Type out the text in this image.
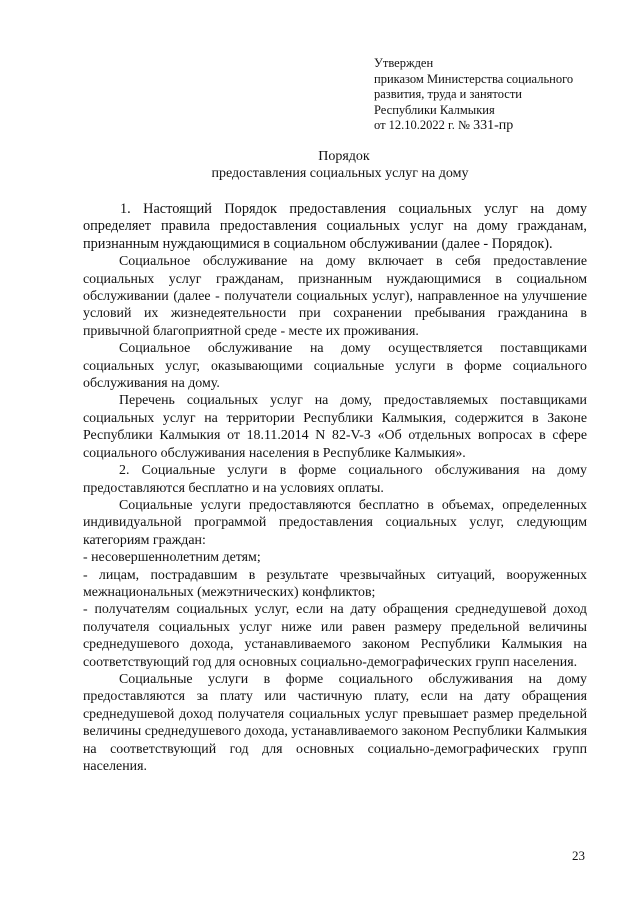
Утвержден
приказом Министерства социального
развития, труда и занятости
Республики Калмыкия
от 12.10.2022 г. № 331-пр
Порядок
предоставления социальных услуг на дому

1. Настоящий Порядок предоставления социальных услуг на дому определяет правила предоставления социальных услуг на дому гражданам, признанным нуждающимися в социальном обслуживании (далее - Порядок).

Социальное обслуживание на дому включает в себя предоставление социальных услуг гражданам, признанным нуждающимися в социальном обслуживании (далее - получатели социальных услуг), направленное на улучшение условий их жизнедеятельности при сохранении пребывания гражданина в привычной благоприятной среде - месте их проживания.

Социальное обслуживание на дому осуществляется поставщиками социальных услуг, оказывающими социальные услуги в форме социального обслуживания на дому.

Перечень социальных услуг на дому, предоставляемых поставщиками социальных услуг на территории Республики Калмыкия, содержится в Законе Республики Калмыкия от 18.11.2014 N 82-V-З «Об отдельных вопросах в сфере социального обслуживания населения в Республике Калмыкия».

2. Социальные услуги в форме социального обслуживания на дому предоставляются бесплатно и на условиях оплаты.

Социальные услуги предоставляются бесплатно в объемах, определенных индивидуальной программой предоставления социальных услуг, следующим категориям граждан:

- несовершеннолетним детям;

- лицам, пострадавшим в результате чрезвычайных ситуаций, вооруженных межнациональных (межэтнических) конфликтов;

- получателям социальных услуг, если на дату обращения среднедушевой доход получателя социальных услуг ниже или равен размеру предельной величины среднедушевого дохода, устанавливаемого законом Республики Калмыкия на соответствующий год для основных социально-демографических групп населения.

Социальные услуги в форме социального обслуживания на дому предоставляются за плату или частичную плату, если на дату обращения среднедушевой доход получателя социальных услуг превышает размер предельной величины среднедушевого дохода, устанавливаемого законом Республики Калмыкия на соответствующий год для основных социально-демографических групп населения.

23
